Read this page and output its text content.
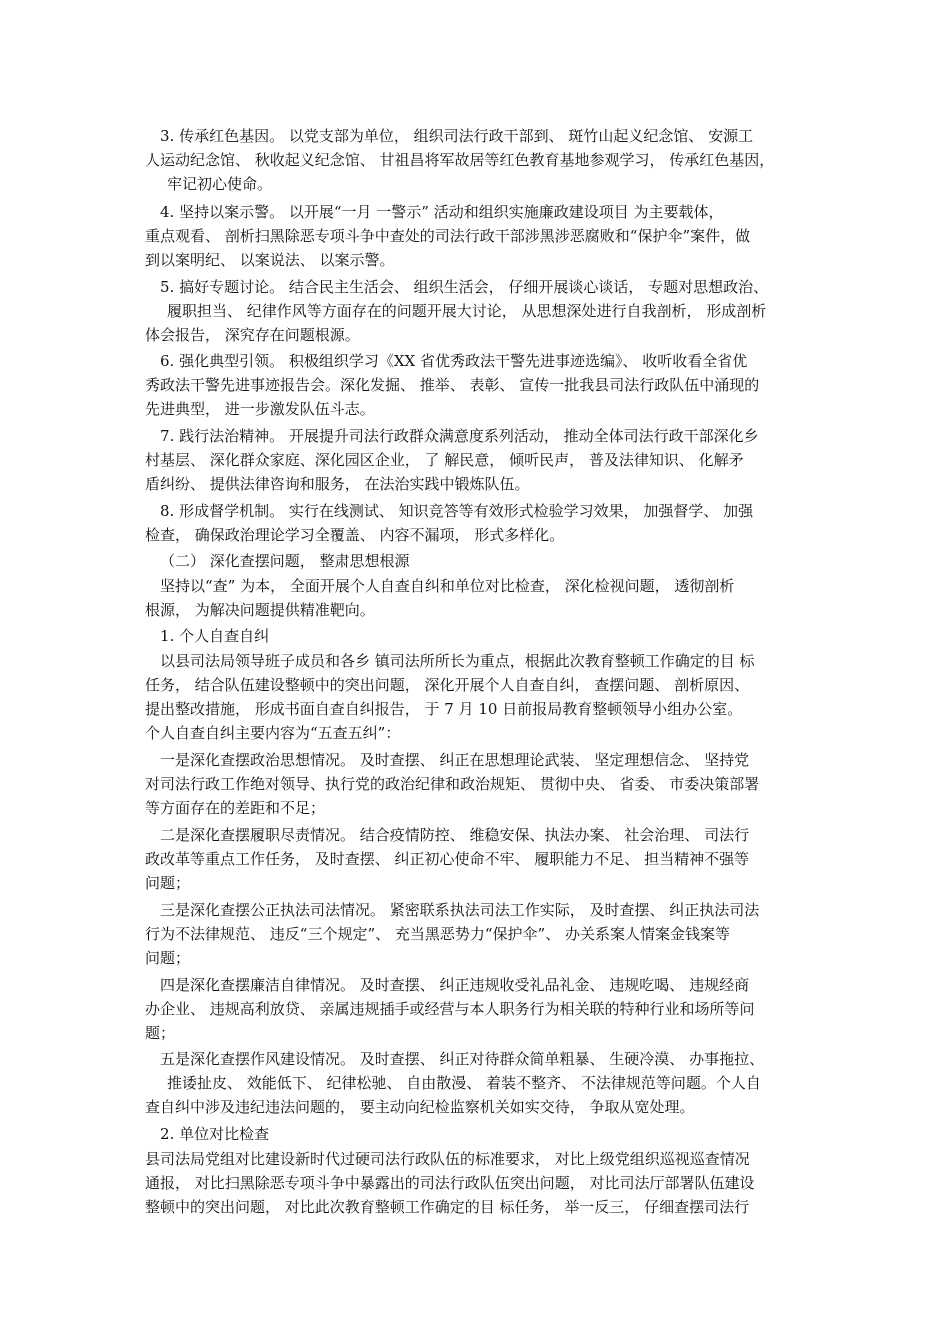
3. 传承红色基因。 以党支部为单位， 组织司法行政干部到、 斑竹山起义纪念馆、 安源工
人运动纪念馆、 秋收起义纪念馆、 甘祖昌将军故居等红色教育基地参观学习， 传承红色基因，
牢记初心使命。
4. 坚持以案示警。 以开展“一月 一警示” 活动和组织实施廉政建设项目 为主要载体，
重点观看、 剖析扫黑除恶专项斗争中查处的司法行政干部涉黑涉恶腐败和“保护伞”案件，做
到以案明纪、 以案说法、 以案示警。
5. 搞好专题讨论。 结合民主生活会、 组织生活会， 仔细开展谈心谈话， 专题对思想政治、
履职担当、 纪律作风等方面存在的问题开展大讨论， 从思想深处进行自我剖析， 形成剖析
体会报告， 深究存在问题根源。
6. 强化典型引领。 积极组织学习《XX 省优秀政法干警先进事迹选编》、 收听收看全省优
秀政法干警先进事迹报告会。深化发掘、 推举、 表彰、 宣传一批我县司法行政队伍中涌现的
先进典型， 进一步激发队伍斗志。
7. 践行法治精神。 开展提升司法行政群众满意度系列活动， 推动全体司法行政干部深化乡
村基层、 深化群众家庭、深化园区企业， 了 解民意， 倾听民声， 普及法律知识、 化解矛
盾纠纷、 提供法律咨询和服务， 在法治实践中锻炼队伍。
8. 形成督学机制。 实行在线测试、 知识竞答等有效形式检验学习效果， 加强督学、 加强
检查， 确保政治理论学习全覆盖、 内容不漏项， 形式多样化。
（二） 深化查摆问题， 整肃思想根源
坚持以“查” 为本， 全面开展个人自查自纠和单位对比检查， 深化检视问题， 透彻剖析
根源， 为解决问题提供精准靶向。
1. 个人自查自纠
以县司法局领导班子成员和各乡 镇司法所所长为重点，根据此次教育整顿工作确定的目 标
任务， 结合队伍建设整顿中的突出问题， 深化开展个人自查自纠， 查摆问题、 剖析原因、
提出整改措施， 形成书面自查自纠报告， 于 7 月 10 日前报局教育整顿领导小组办公室。
个人自查自纠主要内容为“五查五纠”：
一是深化查摆政治思想情况。 及时查摆、 纠正在思想理论武装、 坚定理想信念、 坚持党
对司法行政工作绝对领导、执行党的政治纪律和政治规矩、 贯彻中央、 省委、 市委决策部署
等方面存在的差距和不足；
二是深化查摆履职尽责情况。 结合疫情防控、 维稳安保、执法办案、 社会治理、 司法行
政改革等重点工作任务， 及时查摆、 纠正初心使命不牢、 履职能力不足、 担当精神不强等
问题；
三是深化查摆公正执法司法情况。 紧密联系执法司法工作实际， 及时查摆、 纠正执法司法
行为不法律规范、 违反“三个规定”、 充当黑恶势力“保护伞”、 办关系案人情案金钱案等
问题；
四是深化查摆廉洁自律情况。 及时查摆、 纠正违规收受礼品礼金、 违规吃喝、 违规经商
办企业、 违规高利放贷、 亲属违规插手或经营与本人职务行为相关联的特种行业和场所等问
题；
五是深化查摆作风建设情况。 及时查摆、 纠正对待群众简单粗暴、 生硬冷漠、 办事拖拉、
推诿扯皮、 效能低下、 纪律松驰、 自由散漫、 着装不整齐、 不法律规范等问题。个人自
查自纠中涉及违纪违法问题的， 要主动向纪检监察机关如实交待， 争取从宽处理。
2. 单位对比检查
县司法局党组对比建设新时代过硬司法行政队伍的标准要求， 对比上级党组织巡视巡查情况
通报， 对比扫黑除恶专项斗争中暴露出的司法行政队伍突出问题， 对比司法厅部署队伍建设
整顿中的突出问题， 对比此次教育整顿工作确定的目 标任务， 举一反三， 仔细查摆司法行
